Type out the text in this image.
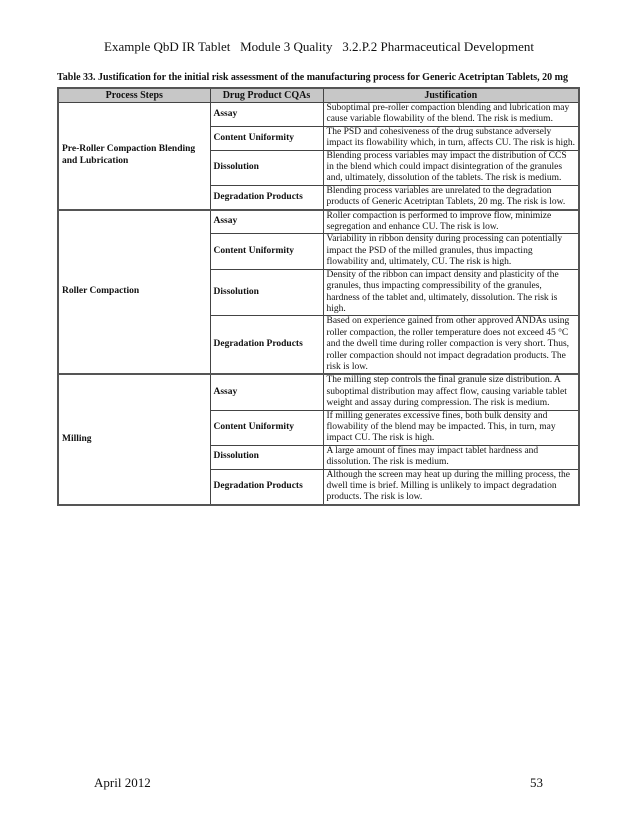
Example QbD IR Tablet   Module 3 Quality   3.2.P.2 Pharmaceutical Development
Table 33. Justification for the initial risk assessment of the manufacturing process for Generic Acetriptan Tablets, 20 mg
Process Steps	Drug Product CQAs	Justification
Pre-Roller Compaction Blending and Lubrication	Assay	Suboptimal pre-roller compaction blending and lubrication may cause variable flowability of the blend. The risk is medium.
	Content Uniformity	The PSD and cohesiveness of the drug substance adversely impact its flowability which, in turn, affects CU. The risk is high.
	Dissolution	Blending process variables may impact the distribution of CCS in the blend which could impact disintegration of the granules and, ultimately, dissolution of the tablets. The risk is medium.
	Degradation Products	Blending process variables are unrelated to the degradation products of Generic Acetriptan Tablets, 20 mg. The risk is low.
Roller Compaction	Assay	Roller compaction is performed to improve flow, minimize segregation and enhance CU. The risk is low.
	Content Uniformity	Variability in ribbon density during processing can potentially impact the PSD of the milled granules, thus impacting flowability and, ultimately, CU. The risk is high.
	Dissolution	Density of the ribbon can impact density and plasticity of the granules, thus impacting compressibility of the granules, hardness of the tablet and, ultimately, dissolution. The risk is high.
	Degradation Products	Based on experience gained from other approved ANDAs using roller compaction, the roller temperature does not exceed 45 °C and the dwell time during roller compaction is very short. Thus, roller compaction should not impact degradation products. The risk is low.
Milling	Assay	The milling step controls the final granule size distribution. A suboptimal distribution may affect flow, causing variable tablet weight and assay during compression. The risk is medium.
	Content Uniformity	If milling generates excessive fines, both bulk density and flowability of the blend may be impacted. This, in turn, may impact CU. The risk is high.
	Dissolution	A large amount of fines may impact tablet hardness and dissolution. The risk is medium.
	Degradation Products	Although the screen may heat up during the milling process, the dwell time is brief. Milling is unlikely to impact degradation products. The risk is low.
April 2012	53
